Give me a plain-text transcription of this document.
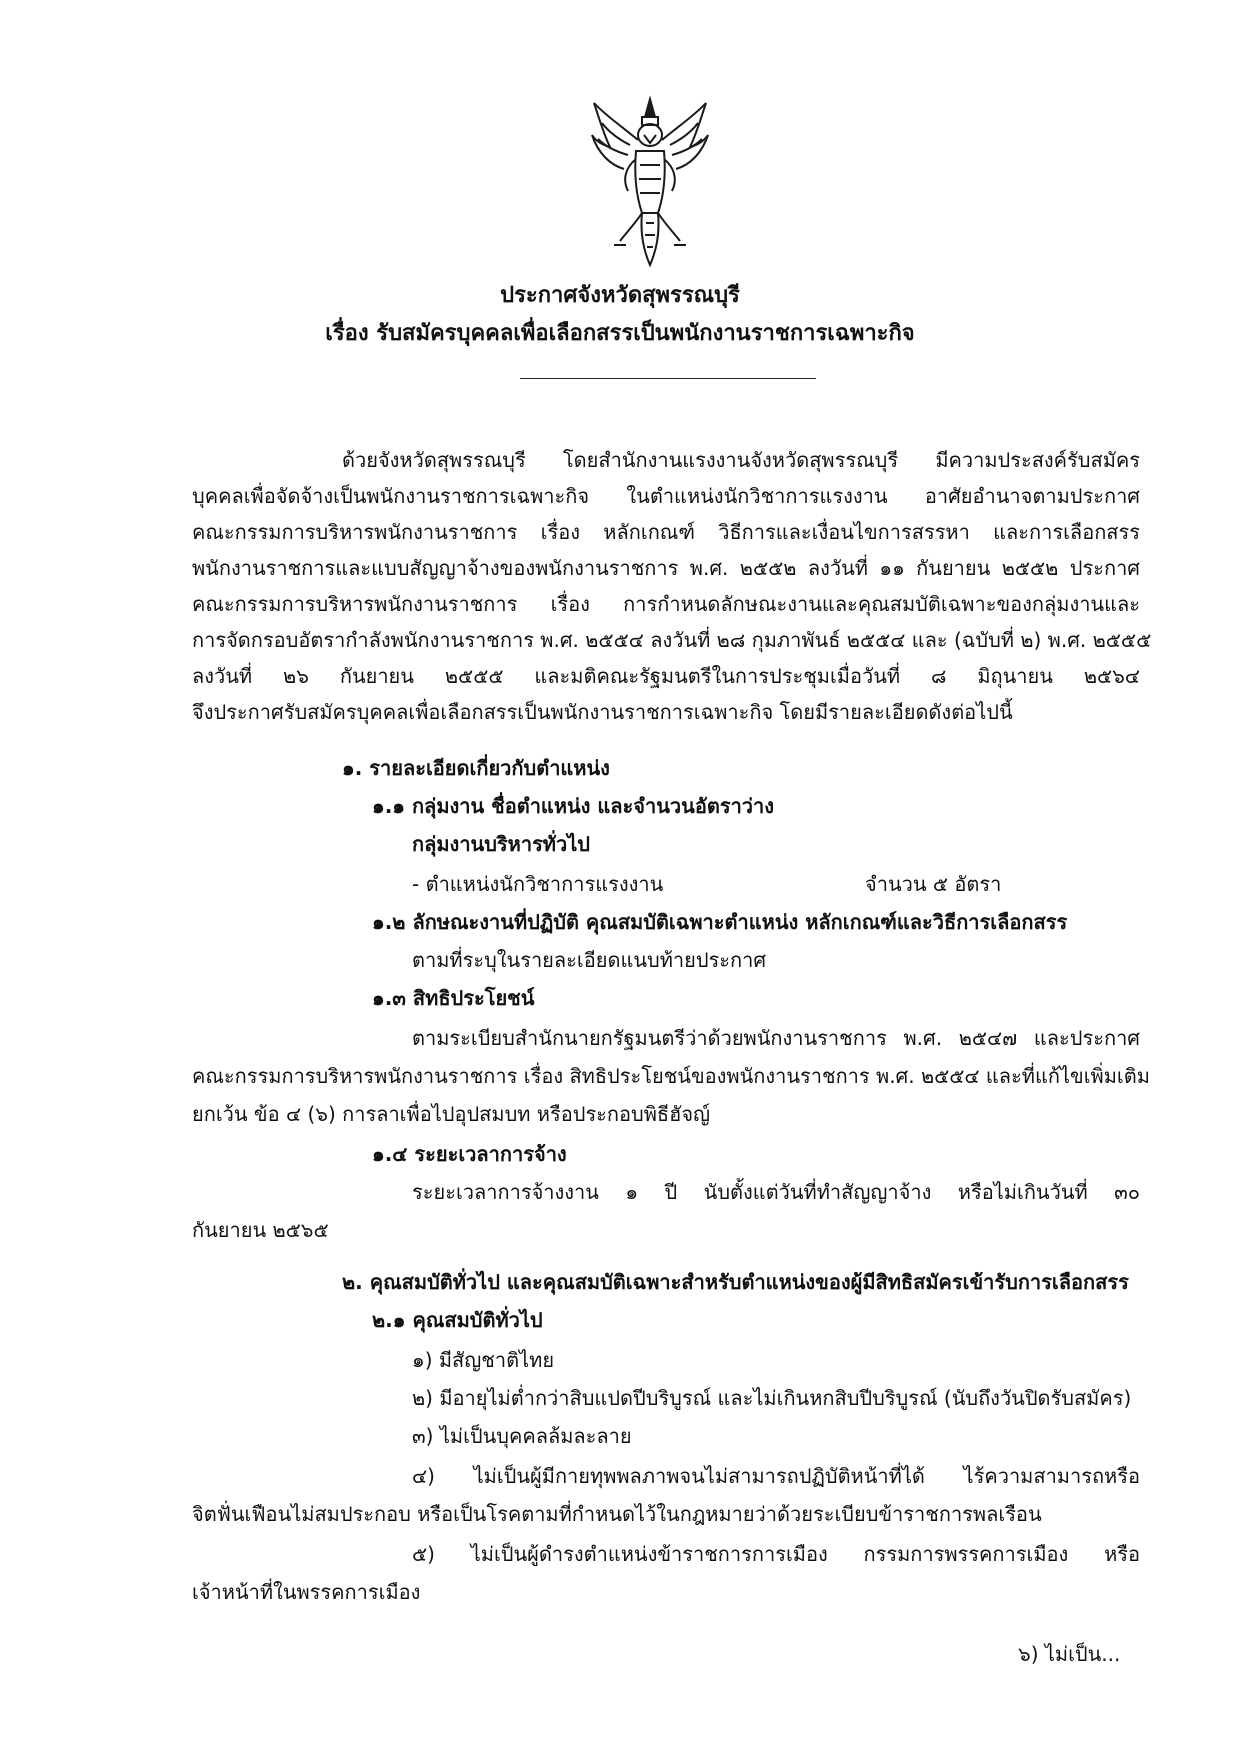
ประกาศจังหวัดสุพรรณบุรี
เรื่อง รับสมัครบุคคลเพื่อเลือกสรรเป็นพนักงานราชการเฉพาะกิจ
ด้วยจังหวัดสุพรรณบุรี โดยสำนักงานแรงงานจังหวัดสุพรรณบุรี มีความประสงค์รับสมัคร
บุคคลเพื่อจัดจ้างเป็นพนักงานราชการเฉพาะกิจ ในตำแหน่งนักวิชาการแรงงาน อาศัยอำนาจตามประกาศ
คณะกรรมการบริหารพนักงานราชการ เรื่อง หลักเกณฑ์ วิธีการและเงื่อนไขการสรรหา และการเลือกสรร
พนักงานราชการและแบบสัญญาจ้างของพนักงานราชการ พ.ศ. ๒๕๕๒ ลงวันที่ ๑๑ กันยายน ๒๕๕๒ ประกาศ
คณะกรรมการบริหารพนักงานราชการ เรื่อง การกำหนดลักษณะงานและคุณสมบัติเฉพาะของกลุ่มงานและ
การจัดกรอบอัตรากำลังพนักงานราชการ พ.ศ. ๒๕๕๔ ลงวันที่ ๒๘ กุมภาพันธ์ ๒๕๕๔ และ (ฉบับที่ ๒) พ.ศ. ๒๕๕๕
ลงวันที่ ๒๖ กันยายน ๒๕๕๕ และมติคณะรัฐมนตรีในการประชุมเมื่อวันที่ ๘ มิถุนายน ๒๕๖๔
จึงประกาศรับสมัครบุคคลเพื่อเลือกสรรเป็นพนักงานราชการเฉพาะกิจ โดยมีรายละเอียดดังต่อไปนี้
๑. รายละเอียดเกี่ยวกับตำแหน่ง
๑.๑ กลุ่มงาน ชื่อตำแหน่ง และจำนวนอัตราว่าง
กลุ่มงานบริหารทั่วไป
- ตำแหน่งนักวิชาการแรงงาน	จำนวน ๕ อัตรา
๑.๒ ลักษณะงานที่ปฏิบัติ คุณสมบัติเฉพาะตำแหน่ง หลักเกณฑ์และวิธีการเลือกสรร
ตามที่ระบุในรายละเอียดแนบท้ายประกาศ
๑.๓ สิทธิประโยชน์
ตามระเบียบสำนักนายกรัฐมนตรีว่าด้วยพนักงานราชการ พ.ศ. ๒๕๔๗ และประกาศ
คณะกรรมการบริหารพนักงานราชการ เรื่อง สิทธิประโยชน์ของพนักงานราชการ พ.ศ. ๒๕๕๔ และที่แก้ไขเพิ่มเติม
ยกเว้น ข้อ ๔ (๖) การลาเพื่อไปอุปสมบท หรือประกอบพิธีฮัจญ์
๑.๔ ระยะเวลาการจ้าง
ระยะเวลาการจ้างงาน ๑ ปี นับตั้งแต่วันที่ทำสัญญาจ้าง หรือไม่เกินวันที่ ๓๐
กันยายน ๒๕๖๕
๒. คุณสมบัติทั่วไป และคุณสมบัติเฉพาะสำหรับตำแหน่งของผู้มีสิทธิสมัครเข้ารับการเลือกสรร
๒.๑ คุณสมบัติทั่วไป
๑) มีสัญชาติไทย
๒) มีอายุไม่ต่ำกว่าสิบแปดปีบริบูรณ์ และไม่เกินหกสิบปีบริบูรณ์ (นับถึงวันปิดรับสมัคร)
๓) ไม่เป็นบุคคลล้มละลาย
๔) ไม่เป็นผู้มีกายทุพพลภาพจนไม่สามารถปฏิบัติหน้าที่ได้ ไร้ความสามารถหรือ
จิตฟั่นเฟือนไม่สมประกอบ หรือเป็นโรคตามที่กำหนดไว้ในกฎหมายว่าด้วยระเบียบข้าราชการพลเรือน
๕) ไม่เป็นผู้ดำรงตำแหน่งข้าราชการการเมือง กรรมการพรรคการเมือง หรือ
เจ้าหน้าที่ในพรรคการเมือง
๖) ไม่เป็น...
